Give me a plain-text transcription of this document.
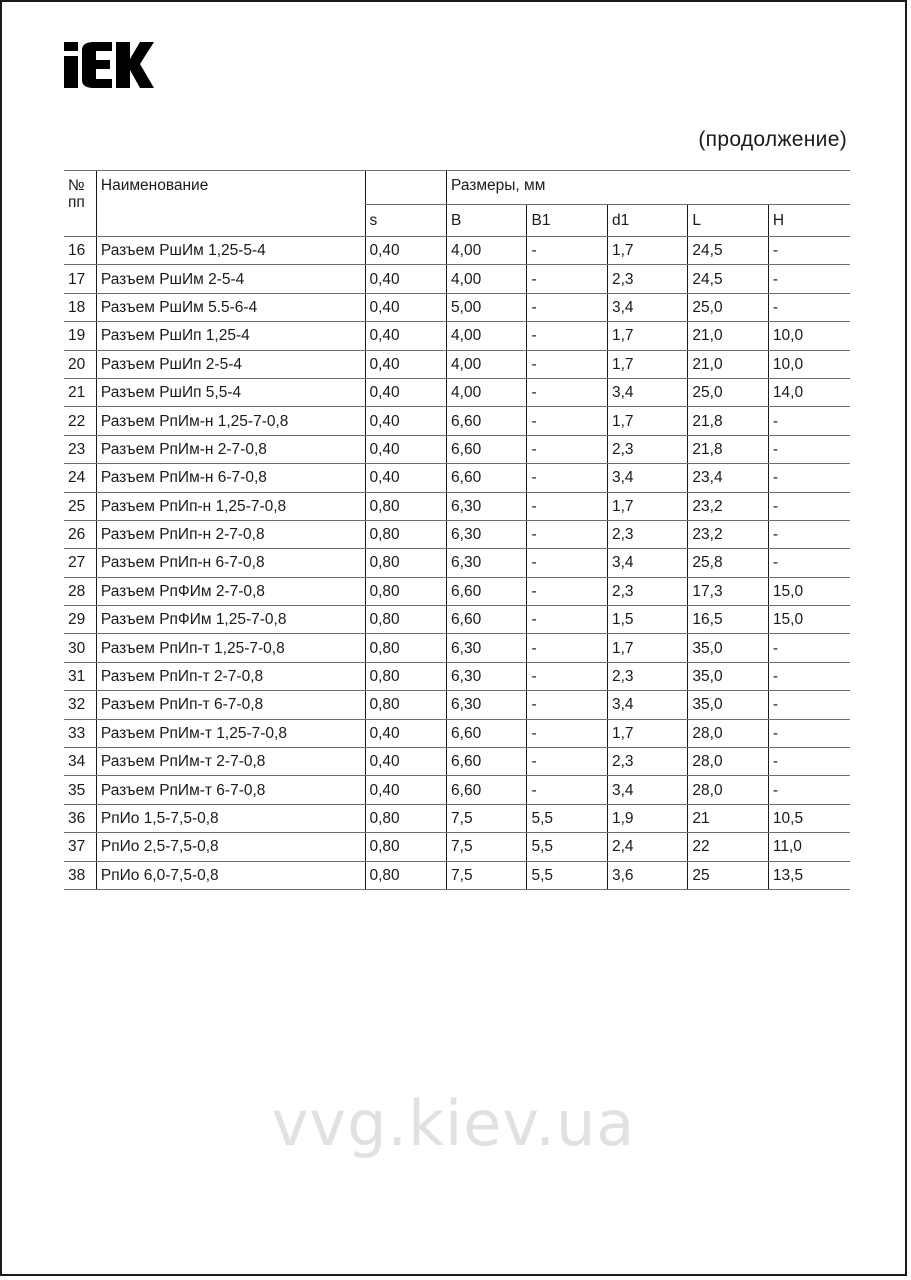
(продолжение)
№
пп	Наименование		Размеры, мм				
		s	B	B1	d1	L	H
16	Разъем РшИм 1,25-5-4	0,40	4,00	-	1,7	24,5	-
17	Разъем РшИм 2-5-4	0,40	4,00	-	2,3	24,5	-
18	Разъем РшИм 5.5-6-4	0,40	5,00	-	3,4	25,0	-
19	Разъем РшИп 1,25-4	0,40	4,00	-	1,7	21,0	10,0
20	Разъем РшИп 2-5-4	0,40	4,00	-	1,7	21,0	10,0
21	Разъем РшИп 5,5-4	0,40	4,00	-	3,4	25,0	14,0
22	Разъем РпИм-н 1,25-7-0,8	0,40	6,60	-	1,7	21,8	-
23	Разъем РпИм-н 2-7-0,8	0,40	6,60	-	2,3	21,8	-
24	Разъем РпИм-н 6-7-0,8	0,40	6,60	-	3,4	23,4	-
25	Разъем РпИп-н 1,25-7-0,8	0,80	6,30	-	1,7	23,2	-
26	Разъем РпИп-н 2-7-0,8	0,80	6,30	-	2,3	23,2	-
27	Разъем РпИп-н 6-7-0,8	0,80	6,30	-	3,4	25,8	-
28	Разъем РпФИм 2-7-0,8	0,80	6,60	-	2,3	17,3	15,0
29	Разъем РпФИм 1,25-7-0,8	0,80	6,60	-	1,5	16,5	15,0
30	Разъем РпИп-т 1,25-7-0,8	0,80	6,30	-	1,7	35,0	-
31	Разъем РпИп-т 2-7-0,8	0,80	6,30	-	2,3	35,0	-
32	Разъем РпИп-т 6-7-0,8	0,80	6,30	-	3,4	35,0	-
33	Разъем РпИм-т 1,25-7-0,8	0,40	6,60	-	1,7	28,0	-
34	Разъем РпИм-т 2-7-0,8	0,40	6,60	-	2,3	28,0	-
35	Разъем РпИм-т 6-7-0,8	0,40	6,60	-	3,4	28,0	-
36	РпИо 1,5-7,5-0,8	0,80	7,5	5,5	1,9	21	10,5
37	РпИо 2,5-7,5-0,8	0,80	7,5	5,5	2,4	22	11,0
38	РпИо 6,0-7,5-0,8	0,80	7,5	5,5	3,6	25	13,5
vvg.kiev.ua
